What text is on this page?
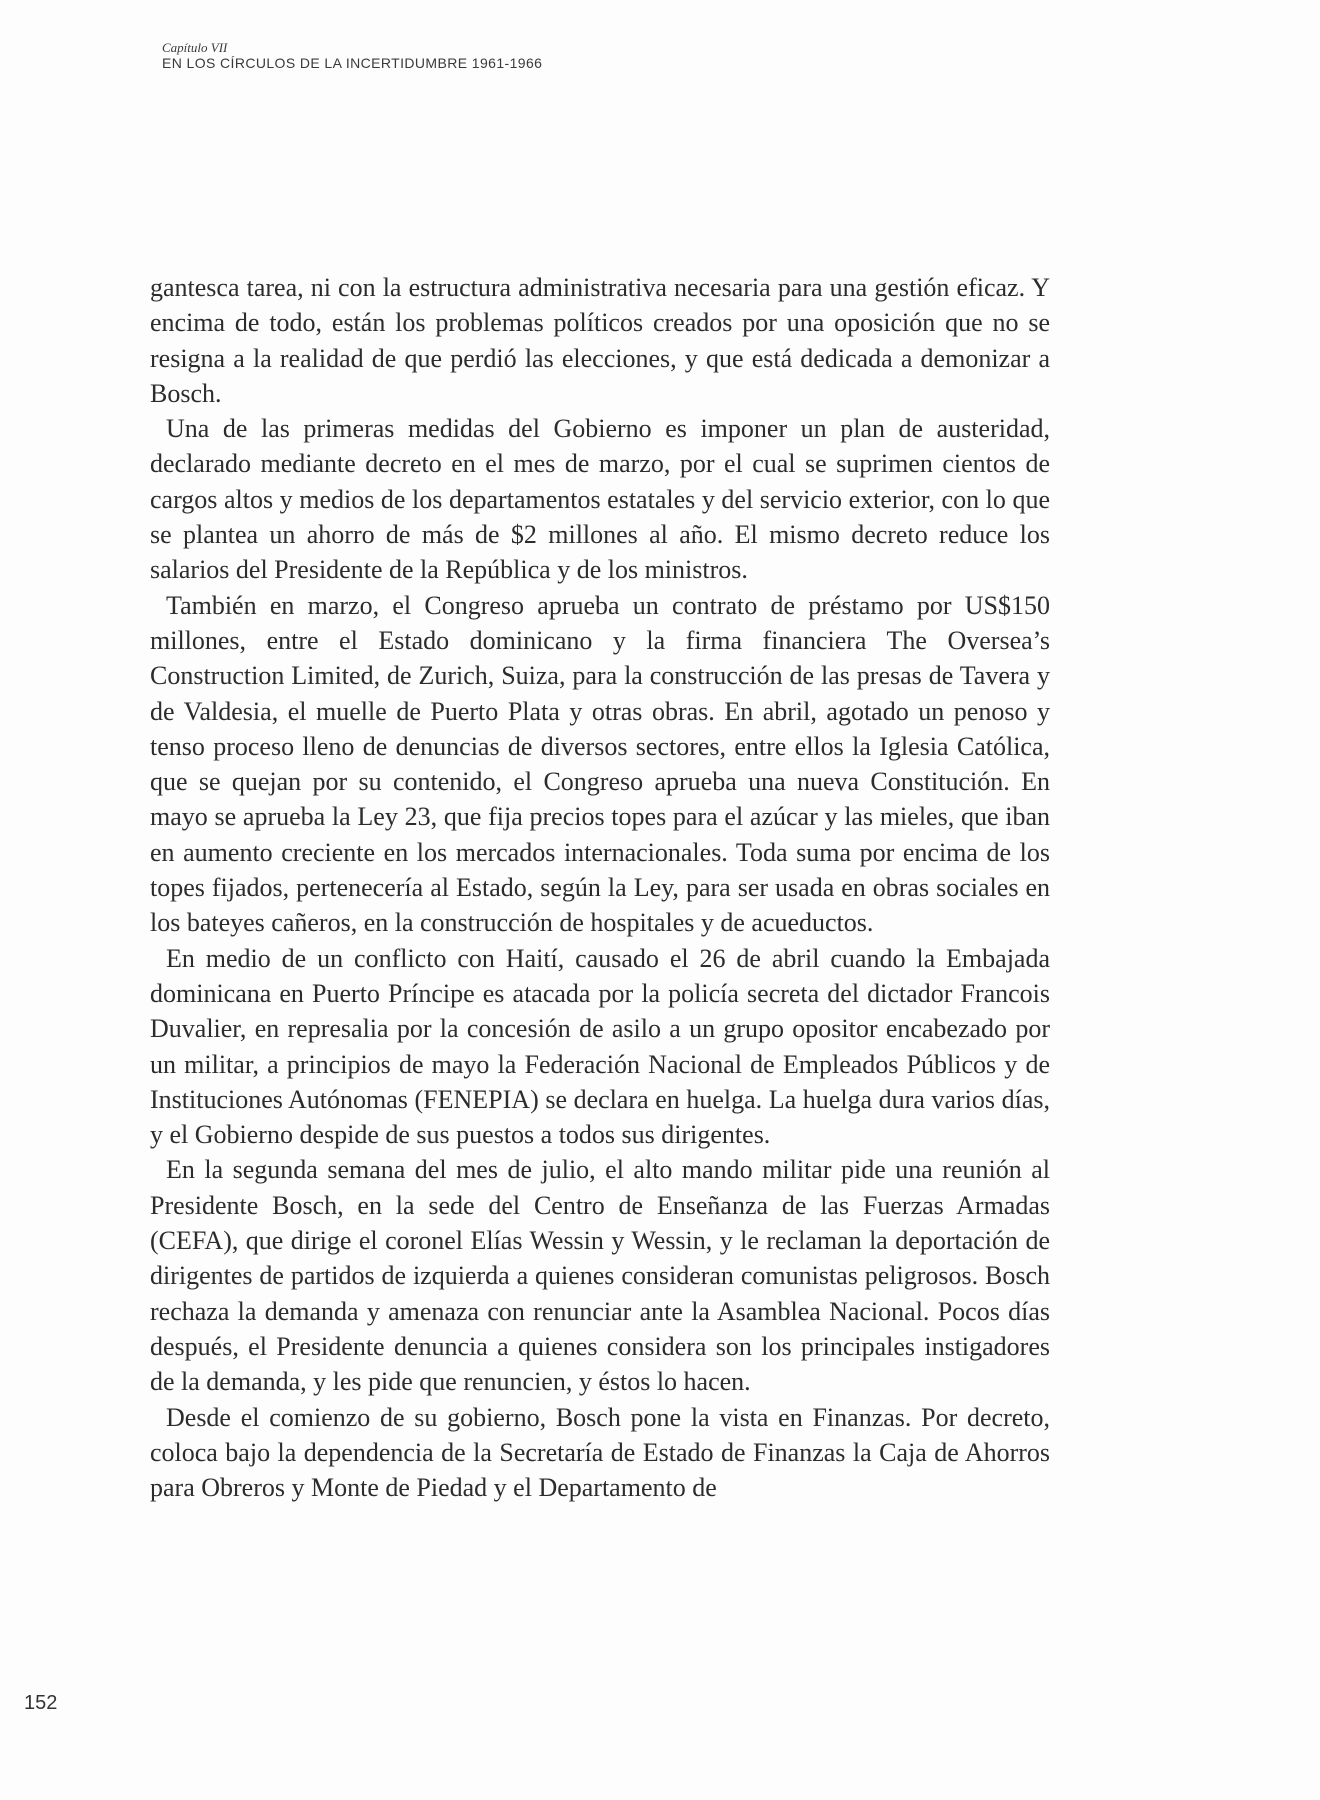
Capítulo VII
EN LOS CÍRCULOS DE LA INCERTIDUMBRE 1961-1966

gantesca tarea, ni con la estructura administrativa necesaria para una gestión eficaz. Y encima de todo, están los problemas políticos creados por una oposición que no se resigna a la realidad de que perdió las elecciones, y que está dedicada a demonizar a Bosch.

Una de las primeras medidas del Gobierno es imponer un plan de austeridad, declarado mediante decreto en el mes de marzo, por el cual se suprimen cientos de cargos altos y medios de los departamentos estatales y del servicio exterior, con lo que se plantea un ahorro de más de $2 millones al año. El mismo decreto reduce los salarios del Presidente de la República y de los ministros.

También en marzo, el Congreso aprueba un contrato de préstamo por US$150 millones, entre el Estado dominicano y la firma financiera The Oversea’s Construction Limited, de Zurich, Suiza, para la construcción de las presas de Tavera y de Valdesia, el muelle de Puerto Plata y otras obras. En abril, agotado un penoso y tenso proceso lleno de denuncias de diversos sectores, entre ellos la Iglesia Católica, que se quejan por su contenido, el Congreso aprueba una nueva Constitución. En mayo se aprueba la Ley 23, que fija precios topes para el azúcar y las mieles, que iban en aumento creciente en los mercados internacionales. Toda suma por encima de los topes fijados, pertenecería al Estado, según la Ley, para ser usada en obras sociales en los bateyes cañeros, en la construcción de hospitales y de acueductos.

En medio de un conflicto con Haití, causado el 26 de abril cuando la Embajada dominicana en Puerto Príncipe es atacada por la policía secreta del dictador Francois Duvalier, en represalia por la concesión de asilo a un grupo opositor encabezado por un militar, a principios de mayo la Federación Nacional de Empleados Públicos y de Instituciones Autónomas (FENEPIA) se declara en huelga. La huelga dura varios días, y el Gobierno despide de sus puestos a todos sus dirigentes.

En la segunda semana del mes de julio, el alto mando militar pide una reunión al Presidente Bosch, en la sede del Centro de Enseñanza de las Fuerzas Armadas (CEFA), que dirige el coronel Elías Wessin y Wessin, y le reclaman la deportación de dirigentes de partidos de izquierda a quienes consideran comunistas peligrosos. Bosch rechaza la demanda y amenaza con renunciar ante la Asamblea Nacional. Pocos días después, el Presidente denuncia a quienes considera son los principales instigadores de la demanda, y les pide que renuncien, y éstos lo hacen.

Desde el comienzo de su gobierno, Bosch pone la vista en Finanzas. Por decreto, coloca bajo la dependencia de la Secretaría de Estado de Finanzas la Caja de Ahorros para Obreros y Monte de Piedad y el Departamento de

152
